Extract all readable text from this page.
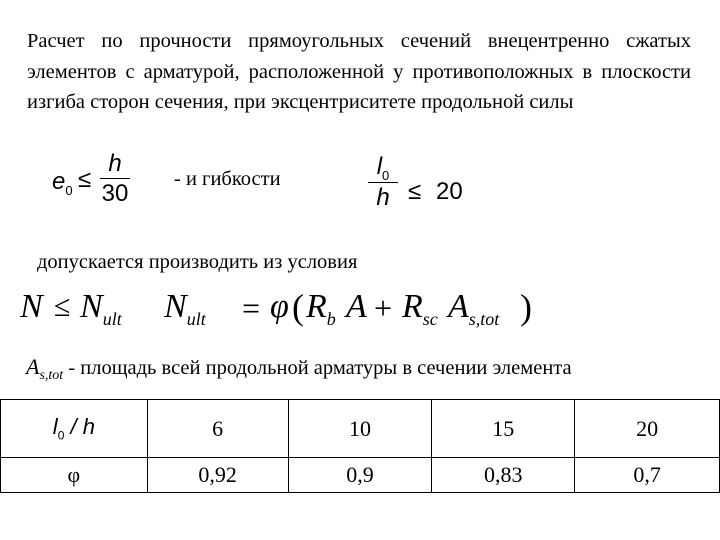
Расчет по прочности прямоугольных сечений внецентренно сжатых элементов с арматурой, расположенной у противоположных в плоскости изгиба сторон сечения, при эксцентриситете продольной силы
$e_0$ ≤
h
30
- и гибкости	$l_0$
h ≤ 20
допускается производить из условия
$N \le N_{ult}$ $N_{ult} = \varphi$ ( $R_b$ $A + R_{sc}$ $A_{s,tot}$ )
$A_{s,tot}$ - площадь всей продольной арматуры в сечении элемента
$l_0$ / h	6	10	15	20
φ	0,92	0,9	0,83	0,7
